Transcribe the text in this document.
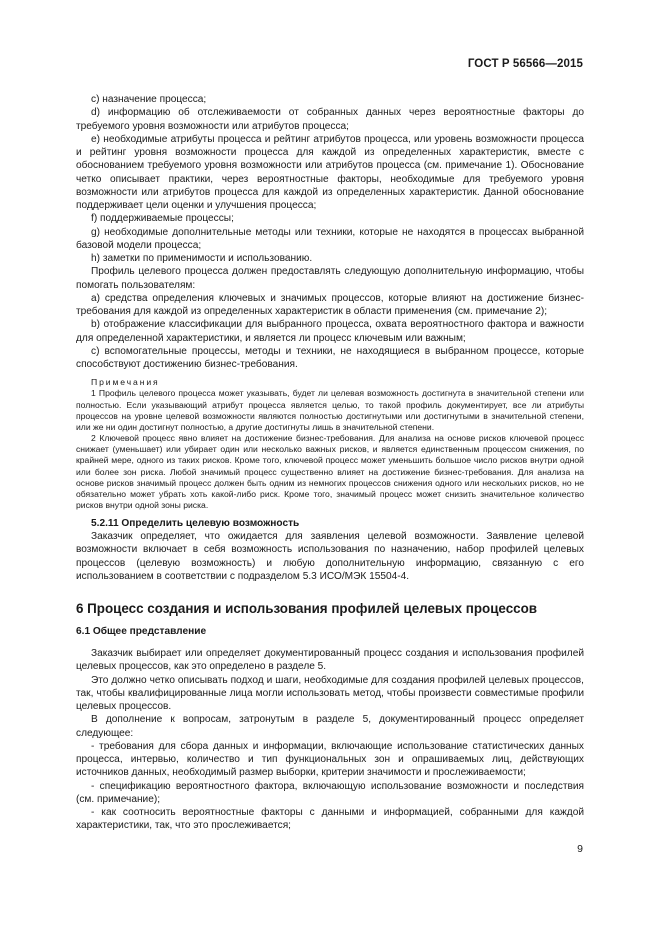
ГОСТ Р 56566—2015

c) назначение процесса;

d) информацию об отслеживаемости от собранных данных через вероятностные факторы до требуемого уровня возможности или атрибутов процесса;

e) необходимые атрибуты процесса и рейтинг атрибутов процесса, или уровень возможности процесса и рейтинг уровня возможности процесса для каждой из определенных характеристик, вместе с обоснованием требуемого уровня возможности или атрибутов процесса (см. примечание 1). Обоснование четко описывает практики, через вероятностные факторы, необходимые для требуемого уровня возможности или атрибутов процесса для каждой из определенных характеристик. Данной обоснование поддерживает цели оценки и улучшения процесса;

f) поддерживаемые процессы;

g) необходимые дополнительные методы или техники, которые не находятся в процессах выбранной базовой модели процесса;

h) заметки по применимости и использованию.

Профиль целевого процесса должен предоставлять следующую дополнительную информацию, чтобы помогать пользователям:

a) средства определения ключевых и значимых процессов, которые влияют на достижение бизнес-требования для каждой из определенных характеристик в области применения (см. примечание 2);

b) отображение классификации для выбранного процесса, охвата вероятностного фактора и важности для определенной характеристики, и является ли процесс ключевым или важным;

c) вспомогательные процессы, методы и техники, не находящиеся в выбранном процессе, которые способствуют достижению бизнес-требования.

Примечания

1 Профиль целевого процесса может указывать, будет ли целевая возможность достигнута в значительной степени или полностью. Если указывающий атрибут процесса является целью, то такой профиль документирует, все ли атрибуты процессов на уровне целевой возможности являются полностью достигнутыми или достигнутыми в значительной степени, или же ни один достигнут полностью, а другие достигнуты лишь в значительной степени.

2 Ключевой процесс явно влияет на достижение бизнес-требования. Для анализа на основе рисков ключевой процесс снижает (уменьшает) или убирает один или несколько важных рисков, и является единственным процессом снижения, по крайней мере, одного из таких рисков. Кроме того, ключевой процесс может уменьшить большое число рисков внутри одной или более зон риска. Любой значимый процесс существенно влияет на достижение бизнес-требования. Для анализа на основе рисков значимый процесс должен быть одним из немногих процессов снижения одного или нескольких рисков, но не обязательно может убрать хоть какой-либо риск. Кроме того, значимый процесс может снизить значительное количество рисков внутри одной зоны риска.

5.2.11 Определить целевую возможность

Заказчик определяет, что ожидается для заявления целевой возможности. Заявление целевой возможности включает в себя возможность использования по назначению, набор профилей целевых процессов (целевую возможность) и любую дополнительную информацию, связанную с его использованием в соответствии с подразделом 5.3 ИСО/МЭК 15504-4.

6 Процесс создания и использования профилей целевых процессов
6.1 Общее представление

Заказчик выбирает или определяет документированный процесс создания и использования профилей целевых процессов, как это определено в разделе 5.

Это должно четко описывать подход и шаги, необходимые для создания профилей целевых процессов, так, чтобы квалифицированные лица могли использовать метод, чтобы произвести совместимые профили целевых процессов.

В дополнение к вопросам, затронутым в разделе 5, документированный процесс определяет следующее:

- требования для сбора данных и информации, включающие использование статистических данных процесса, интервью, количество и тип функциональных зон и опрашиваемых лиц, действующих источников данных, необходимый размер выборки, критерии значимости и прослеживаемости;

- спецификацию вероятностного фактора, включающую использование возможности и последствия (см. примечание);

- как соотносить вероятностные факторы с данными и информацией, собранными для каждой характеристики, так, что это прослеживается;

9
